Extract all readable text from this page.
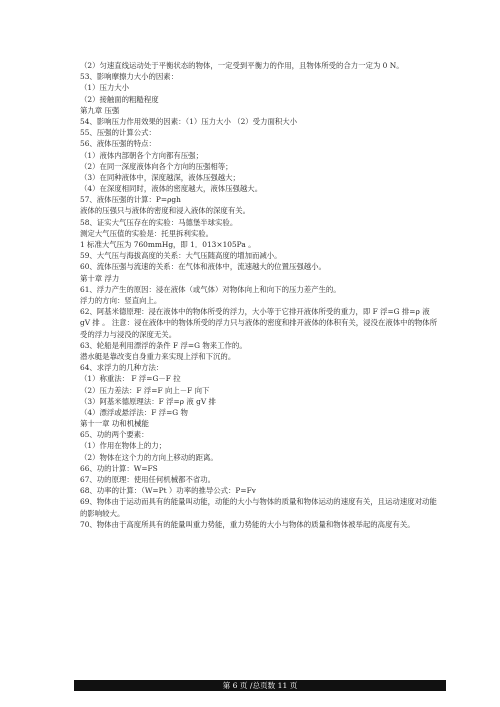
（2）匀速直线运动处于平衡状态的物体，一定受到平衡力的作用，且物体所受的合力一定为 0 N。
53、影响摩擦力大小的因素：
（1）压力大小
（2）接触面的粗糙程度
第九章 压强
54、影响压力作用效果的因素：（1）压力大小 （2）受力面积大小
55、压强的计算公式：
56、液体压强的特点：
（1）液体内部朝各个方向都有压强；
（2）在同一深度液体向各个方向的压强相等；
（3）在同种液体中，深度越深，液体压强越大；
（4）在深度相同时，液体的密度越大，液体压强越大。
57、液体压强的计算：P=ρgh
液体的压强只与液体的密度和浸入液体的深度有关。
58、证实大气压存在的实验：马德堡半球实验。
测定大气压值的实验是：托里拆利实验。
1 标准大气压为 760mmHg，即 1．013×105Pa 。
59、大气压与海拔高度的关系：大气压随高度的增加而减小。
60、流体压强与流速的关系：在气体和液体中，流速越大的位置压强越小。
第十章 浮力
61、浮力产生的原因：浸在液体（或气体）对物体向上和向下的压力差产生的。
浮力的方向：竖直向上。
62、阿基米德原理：浸在液体中的物体所受的浮力，大小等于它排开液体所受的重力，即 F 浮=G 排=ρ 液 gV 排 。 注意：浸在液体中的物体所受的浮力只与液体的密度和排开液体的体积有关，浸没在液体中的物体所受的浮力与浸没的深度无关。
63、轮船是利用漂浮的条件 F 浮=G 物来工作的。
潜水艇是靠改变自身重力来实现上浮和下沉的。
64、求浮力的几种方法：
（1）称重法： F 浮=G－F 拉
（2）压力差法：F 浮=F 向上－F 向下
（3）阿基米德原理法：F 浮=ρ 液 gV 排
（4）漂浮或悬浮法：F 浮=G 物
第十一章 功和机械能
65、功的两个要素：
（1）作用在物体上的力；
（2）物体在这个力的方向上移动的距离。
66、功的计算：W=FS
67、功的原理：使用任何机械都不省功。
68、功率的计算：（W=Pt ）功率的推导公式：P=Fv
69、物体由于运动而具有的能量叫动能，动能的大小与物体的质量和物体运动的速度有关，且运动速度对动能的影响较大。
70、物体由于高度所具有的能量叫重力势能，重力势能的大小与物体的质量和物体被举起的高度有关。
第 6 页 /总页数 11 页
